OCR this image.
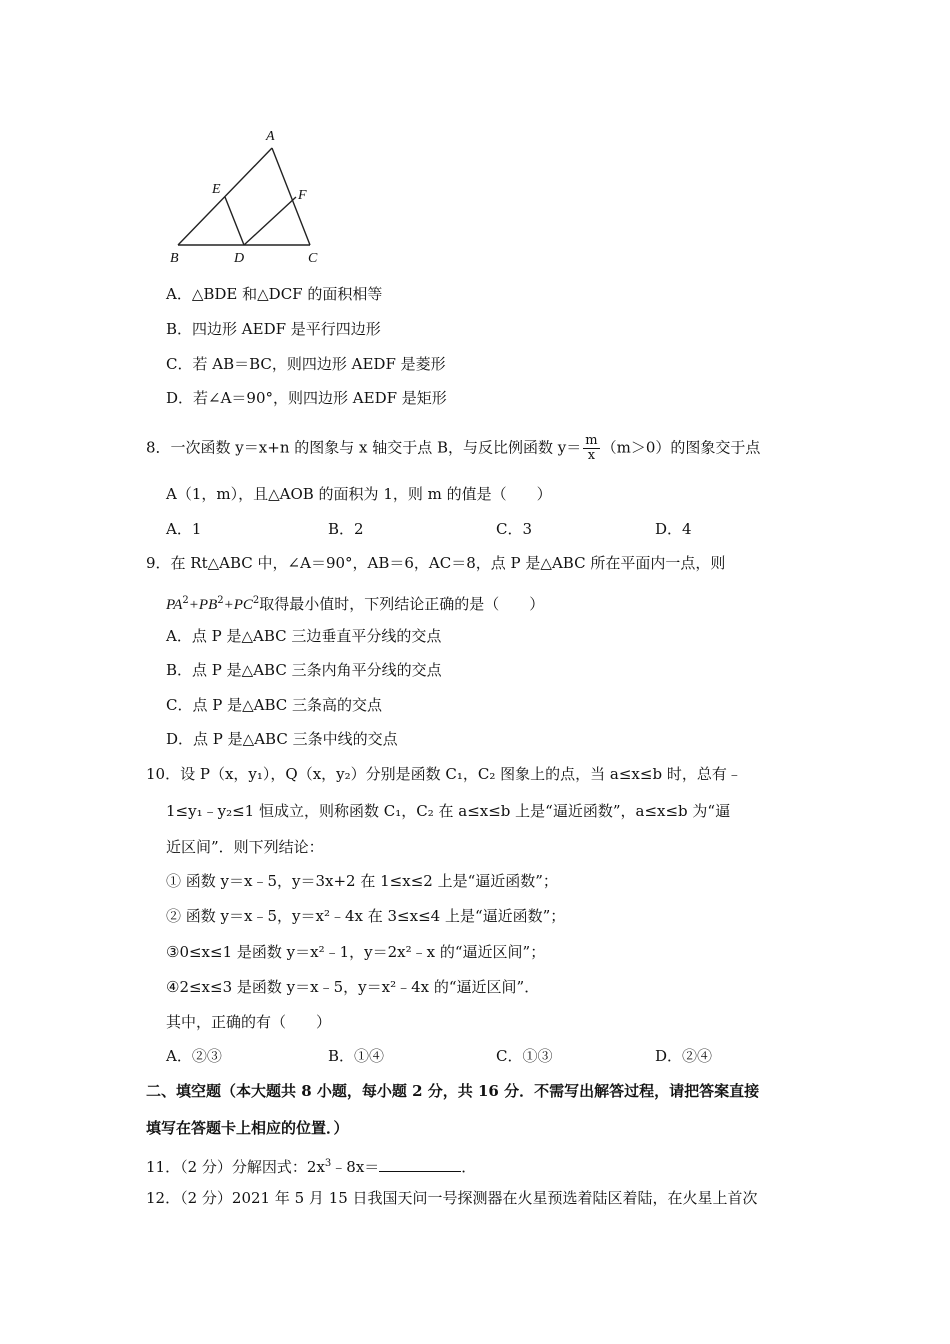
A
E	F
B	D	C
A．△BDE 和△DCF 的面积相等
B．四边形 AEDF 是平行四边形
C．若 AB＝BC，则四边形 AEDF 是菱形
D．若∠A＝90°，则四边形 AEDF 是矩形
8．一次函数 y＝x+n 的图象与 x 轴交于点 B，与反比例函数 $y= \frac{m}{x} (m>0)$的图象交于点
A（1，m），且△AOB 的面积为 1，则 m 的值是（　　）
A．1	B．2	C．3	D．4
9．在 Rt△ABC 中，∠A＝90°，AB＝6，AC＝8，点 P 是△ABC 所在平面内一点，则
$PA^2+PB^2+PC^2$取得最小值时，下列结论正确的是（　　）
A．点 P 是△ABC 三边垂直平分线的交点
B．点 P 是△ABC 三条内角平分线的交点
C．点 P 是△ABC 三条高的交点
D．点 P 是△ABC 三条中线的交点
10．设 P（x，y₁），Q（x，y₂）分别是函数 C₁，C₂ 图象上的点，当 a≤x≤b 时，总有﹣
1≤y₁﹣y₂≤1 恒成立，则称函数 C₁，C₂ 在 a≤x≤b 上是“逼近函数”，a≤x≤b 为“逼
近区间”．则下列结论：
① 函数 y＝x﹣5，y＝3x+2 在 1≤x≤2 上是“逼近函数”；
② 函数 y＝x﹣5，y＝x²﹣4x 在 3≤x≤4 上是“逼近函数”；
③0≤x≤1 是函数 y＝x²﹣1，y＝2x²﹣x 的“逼近区间”；
④2≤x≤3 是函数 y＝x﹣5，y＝x²﹣4x 的“逼近区间”．
其中，正确的有（　　）
A．②③	B．①④	C．①③	D．②④
二、填空题（本大题共 8 小题，每小题 2 分，共 16 分．不需写出解答过程，请把答案直接
填写在答题卡上相应的位置．）
11．（2 分）分解因式：$2x^3﹣8x=$	．
12．（2 分）2021 年 5 月 15 日我国天问一号探测器在火星预选着陆区着陆，在火星上首次
